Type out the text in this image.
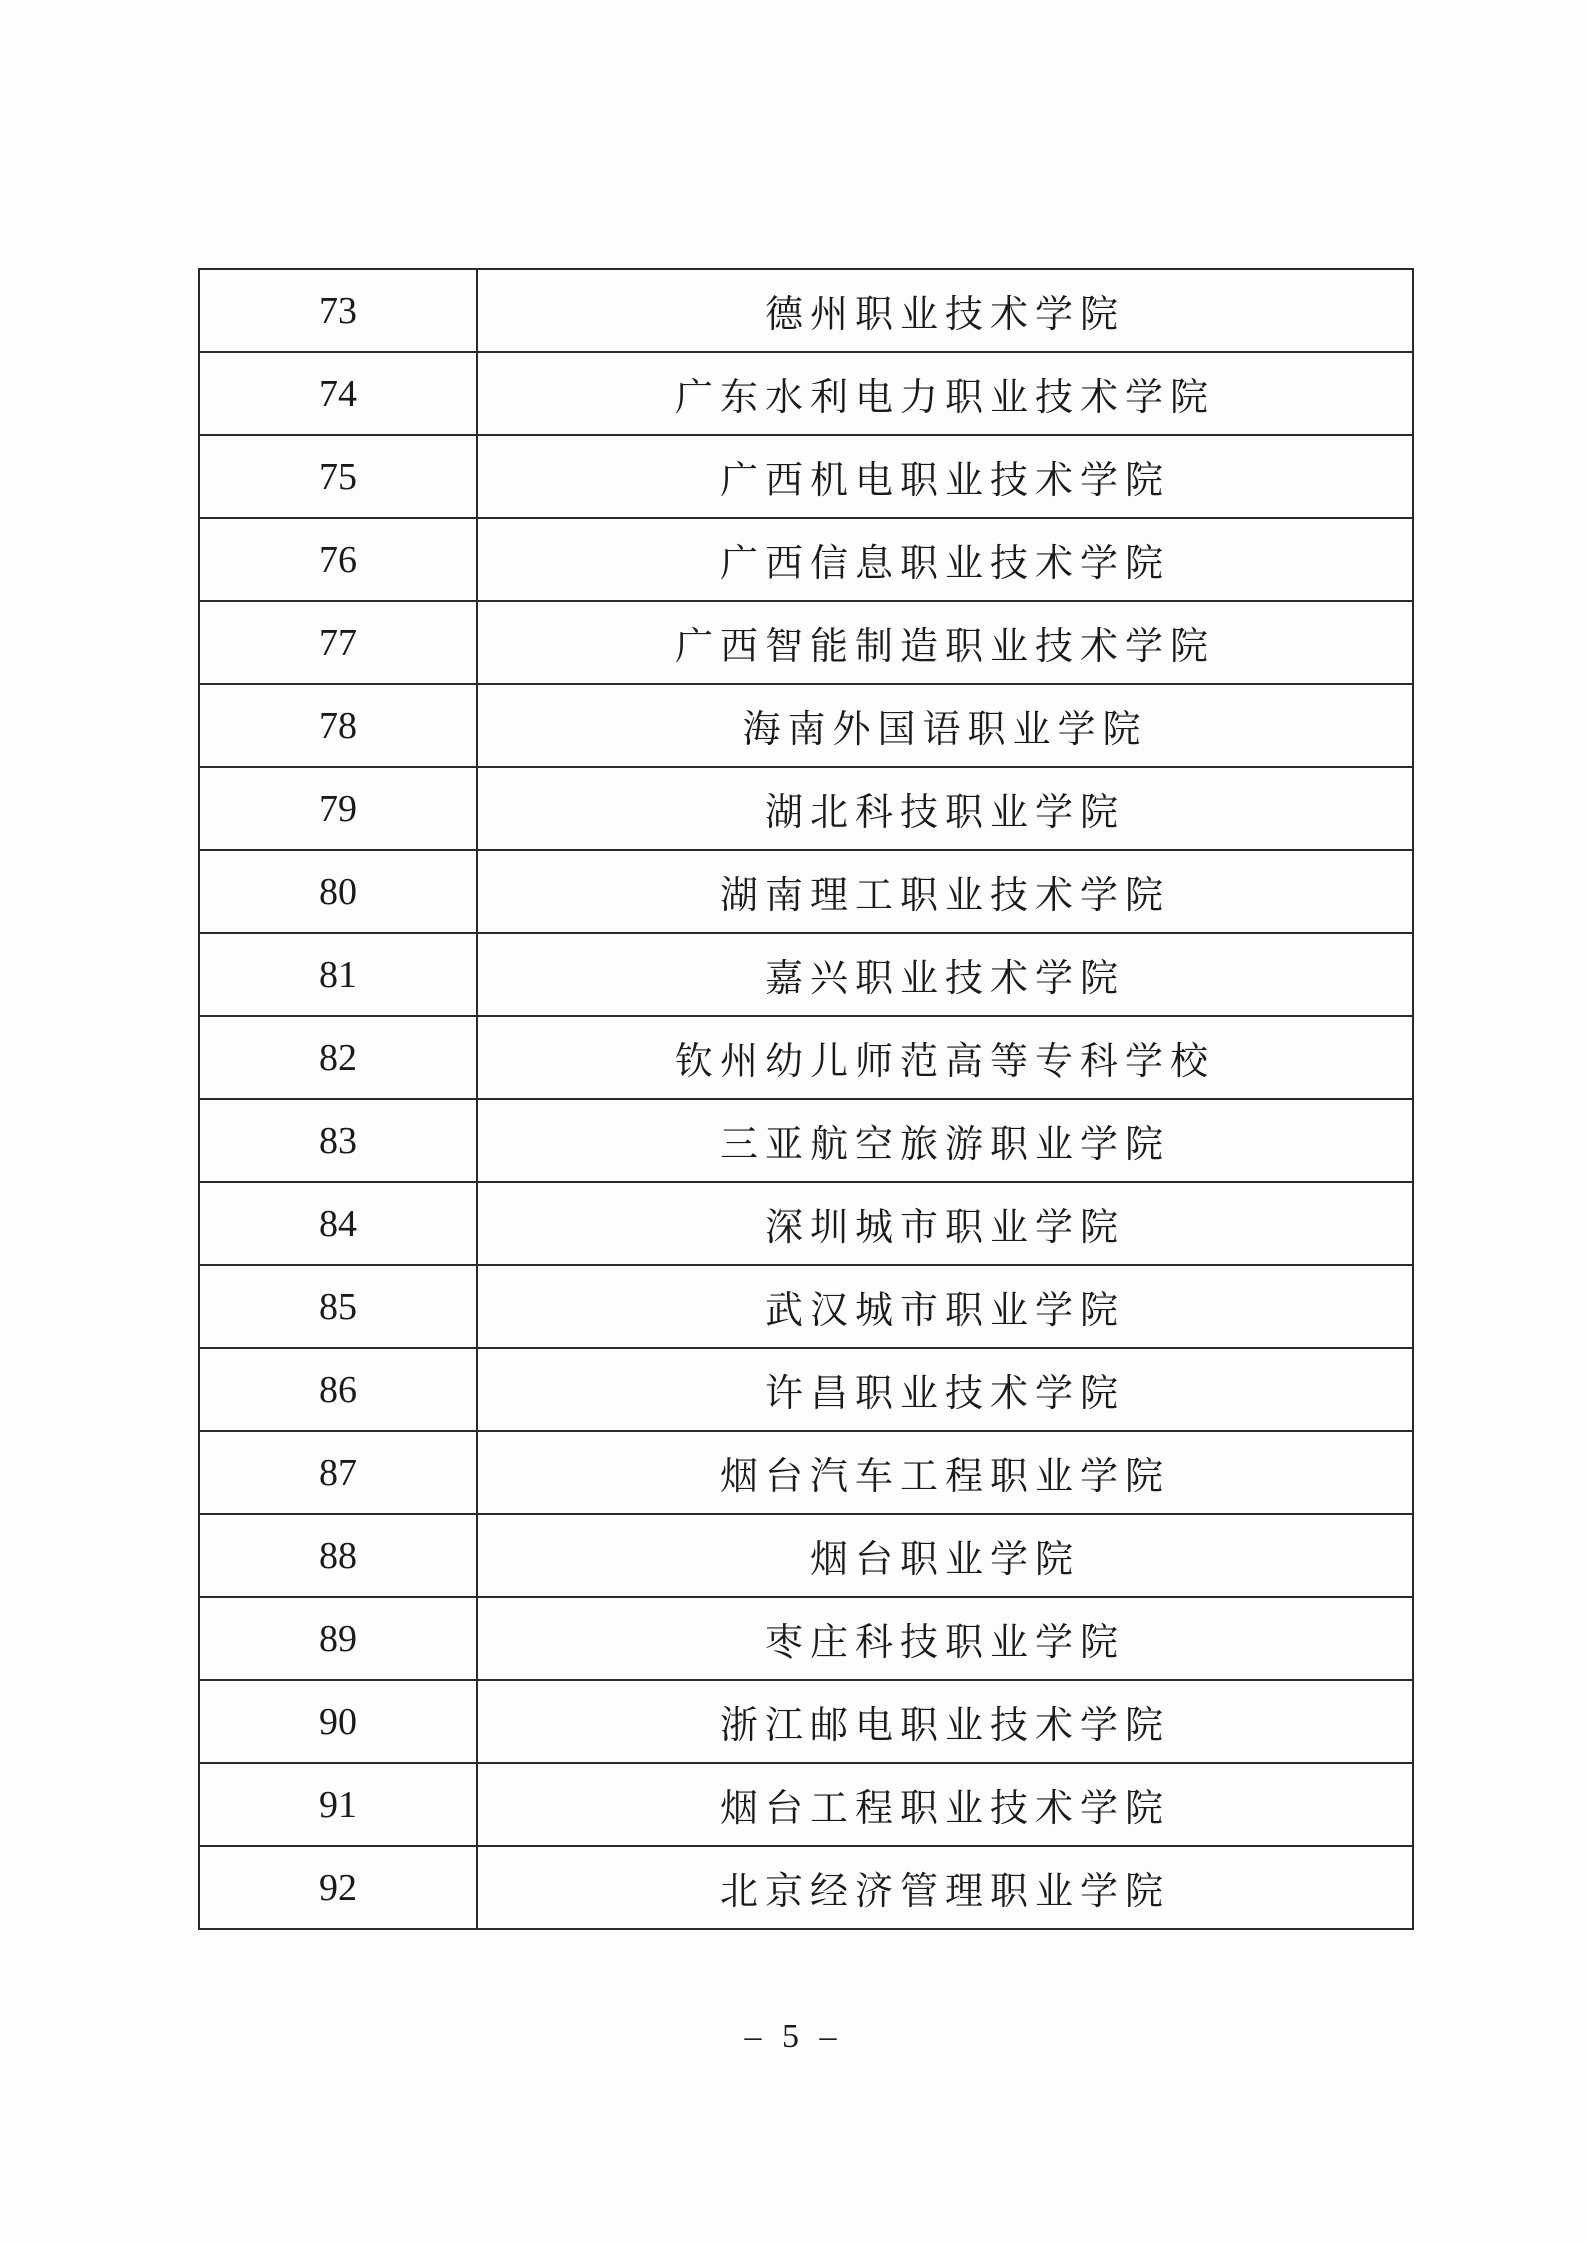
73	德州职业技术学院
74	广东水利电力职业技术学院
75	广西机电职业技术学院
76	广西信息职业技术学院
77	广西智能制造职业技术学院
78	海南外国语职业学院
79	湖北科技职业学院
80	湖南理工职业技术学院
81	嘉兴职业技术学院
82	钦州幼儿师范高等专科学校
83	三亚航空旅游职业学院
84	深圳城市职业学院
85	武汉城市职业学院
86	许昌职业技术学院
87	烟台汽车工程职业学院
88	烟台职业学院
89	枣庄科技职业学院
90	浙江邮电职业技术学院
91	烟台工程职业技术学院
92	北京经济管理职业学院
– 5 –
